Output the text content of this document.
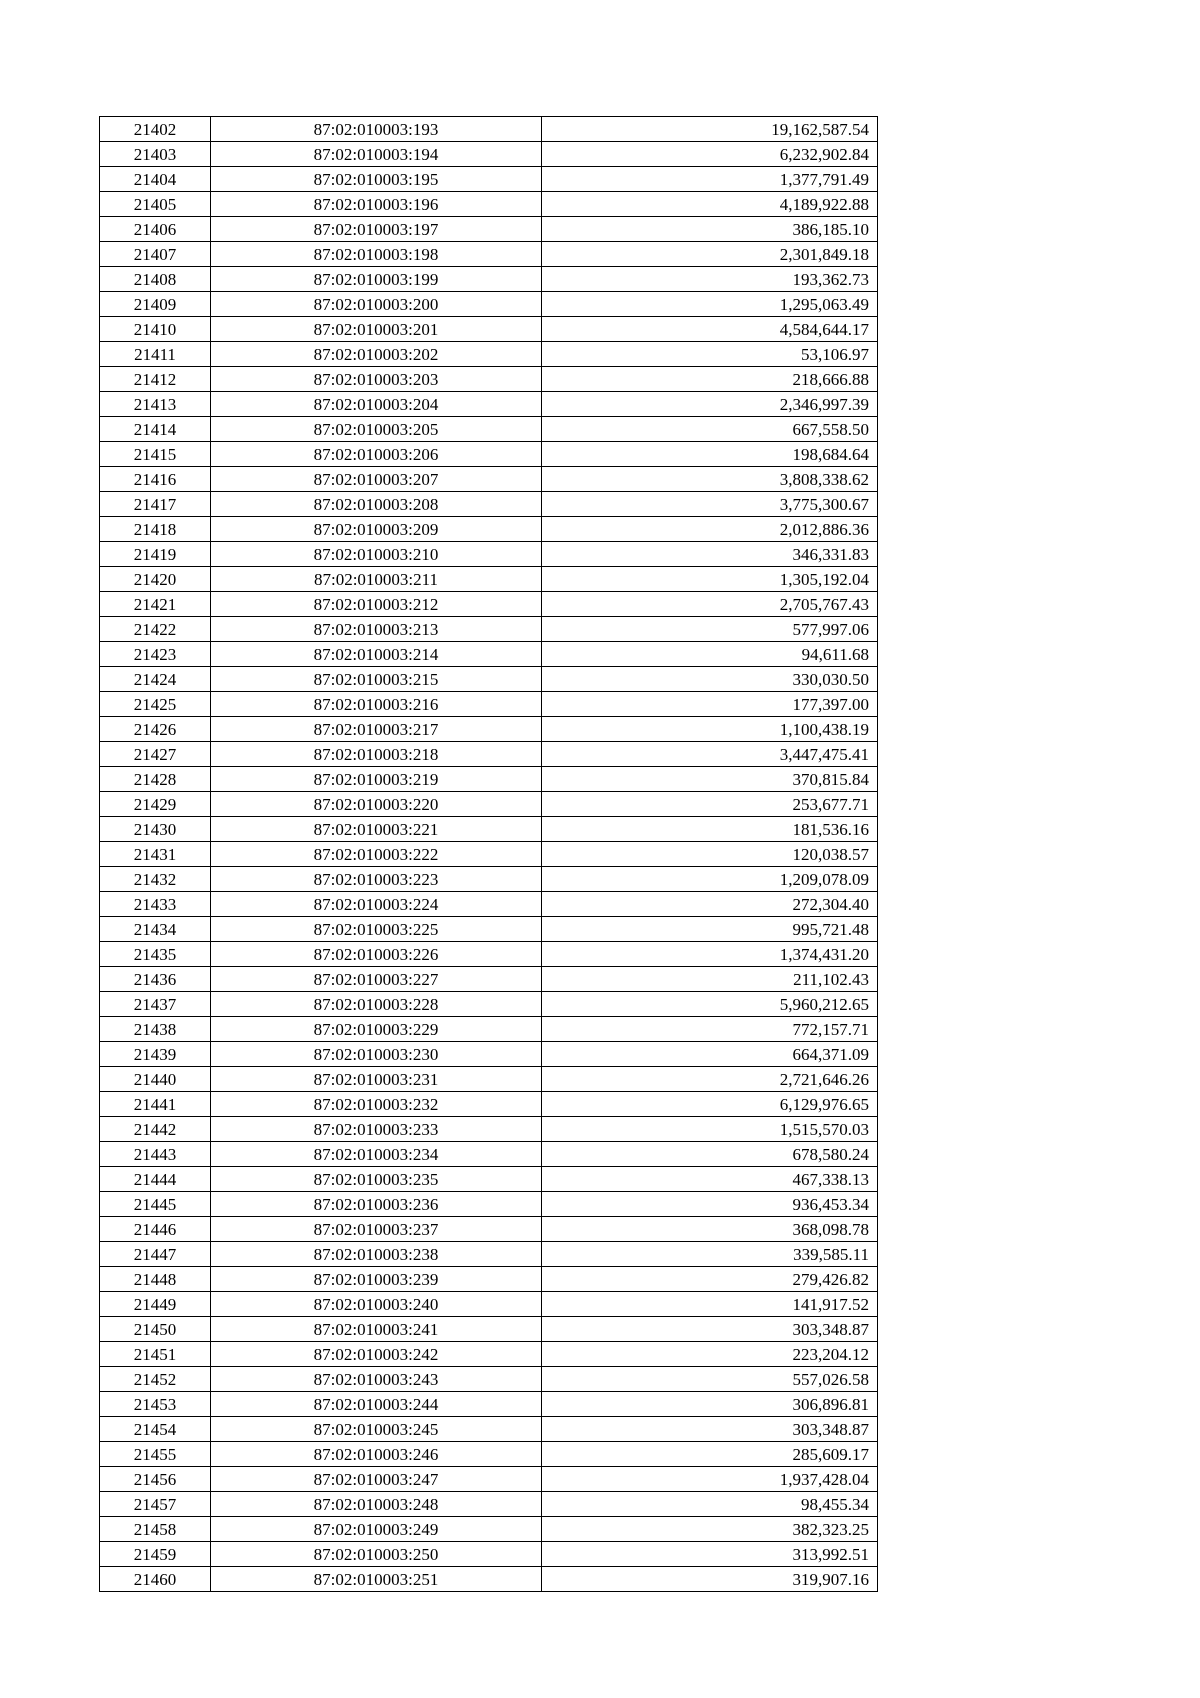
21402	87:02:010003:193	19,162,587.54
21403	87:02:010003:194	6,232,902.84
21404	87:02:010003:195	1,377,791.49
21405	87:02:010003:196	4,189,922.88
21406	87:02:010003:197	386,185.10
21407	87:02:010003:198	2,301,849.18
21408	87:02:010003:199	193,362.73
21409	87:02:010003:200	1,295,063.49
21410	87:02:010003:201	4,584,644.17
21411	87:02:010003:202	53,106.97
21412	87:02:010003:203	218,666.88
21413	87:02:010003:204	2,346,997.39
21414	87:02:010003:205	667,558.50
21415	87:02:010003:206	198,684.64
21416	87:02:010003:207	3,808,338.62
21417	87:02:010003:208	3,775,300.67
21418	87:02:010003:209	2,012,886.36
21419	87:02:010003:210	346,331.83
21420	87:02:010003:211	1,305,192.04
21421	87:02:010003:212	2,705,767.43
21422	87:02:010003:213	577,997.06
21423	87:02:010003:214	94,611.68
21424	87:02:010003:215	330,030.50
21425	87:02:010003:216	177,397.00
21426	87:02:010003:217	1,100,438.19
21427	87:02:010003:218	3,447,475.41
21428	87:02:010003:219	370,815.84
21429	87:02:010003:220	253,677.71
21430	87:02:010003:221	181,536.16
21431	87:02:010003:222	120,038.57
21432	87:02:010003:223	1,209,078.09
21433	87:02:010003:224	272,304.40
21434	87:02:010003:225	995,721.48
21435	87:02:010003:226	1,374,431.20
21436	87:02:010003:227	211,102.43
21437	87:02:010003:228	5,960,212.65
21438	87:02:010003:229	772,157.71
21439	87:02:010003:230	664,371.09
21440	87:02:010003:231	2,721,646.26
21441	87:02:010003:232	6,129,976.65
21442	87:02:010003:233	1,515,570.03
21443	87:02:010003:234	678,580.24
21444	87:02:010003:235	467,338.13
21445	87:02:010003:236	936,453.34
21446	87:02:010003:237	368,098.78
21447	87:02:010003:238	339,585.11
21448	87:02:010003:239	279,426.82
21449	87:02:010003:240	141,917.52
21450	87:02:010003:241	303,348.87
21451	87:02:010003:242	223,204.12
21452	87:02:010003:243	557,026.58
21453	87:02:010003:244	306,896.81
21454	87:02:010003:245	303,348.87
21455	87:02:010003:246	285,609.17
21456	87:02:010003:247	1,937,428.04
21457	87:02:010003:248	98,455.34
21458	87:02:010003:249	382,323.25
21459	87:02:010003:250	313,992.51
21460	87:02:010003:251	319,907.16
